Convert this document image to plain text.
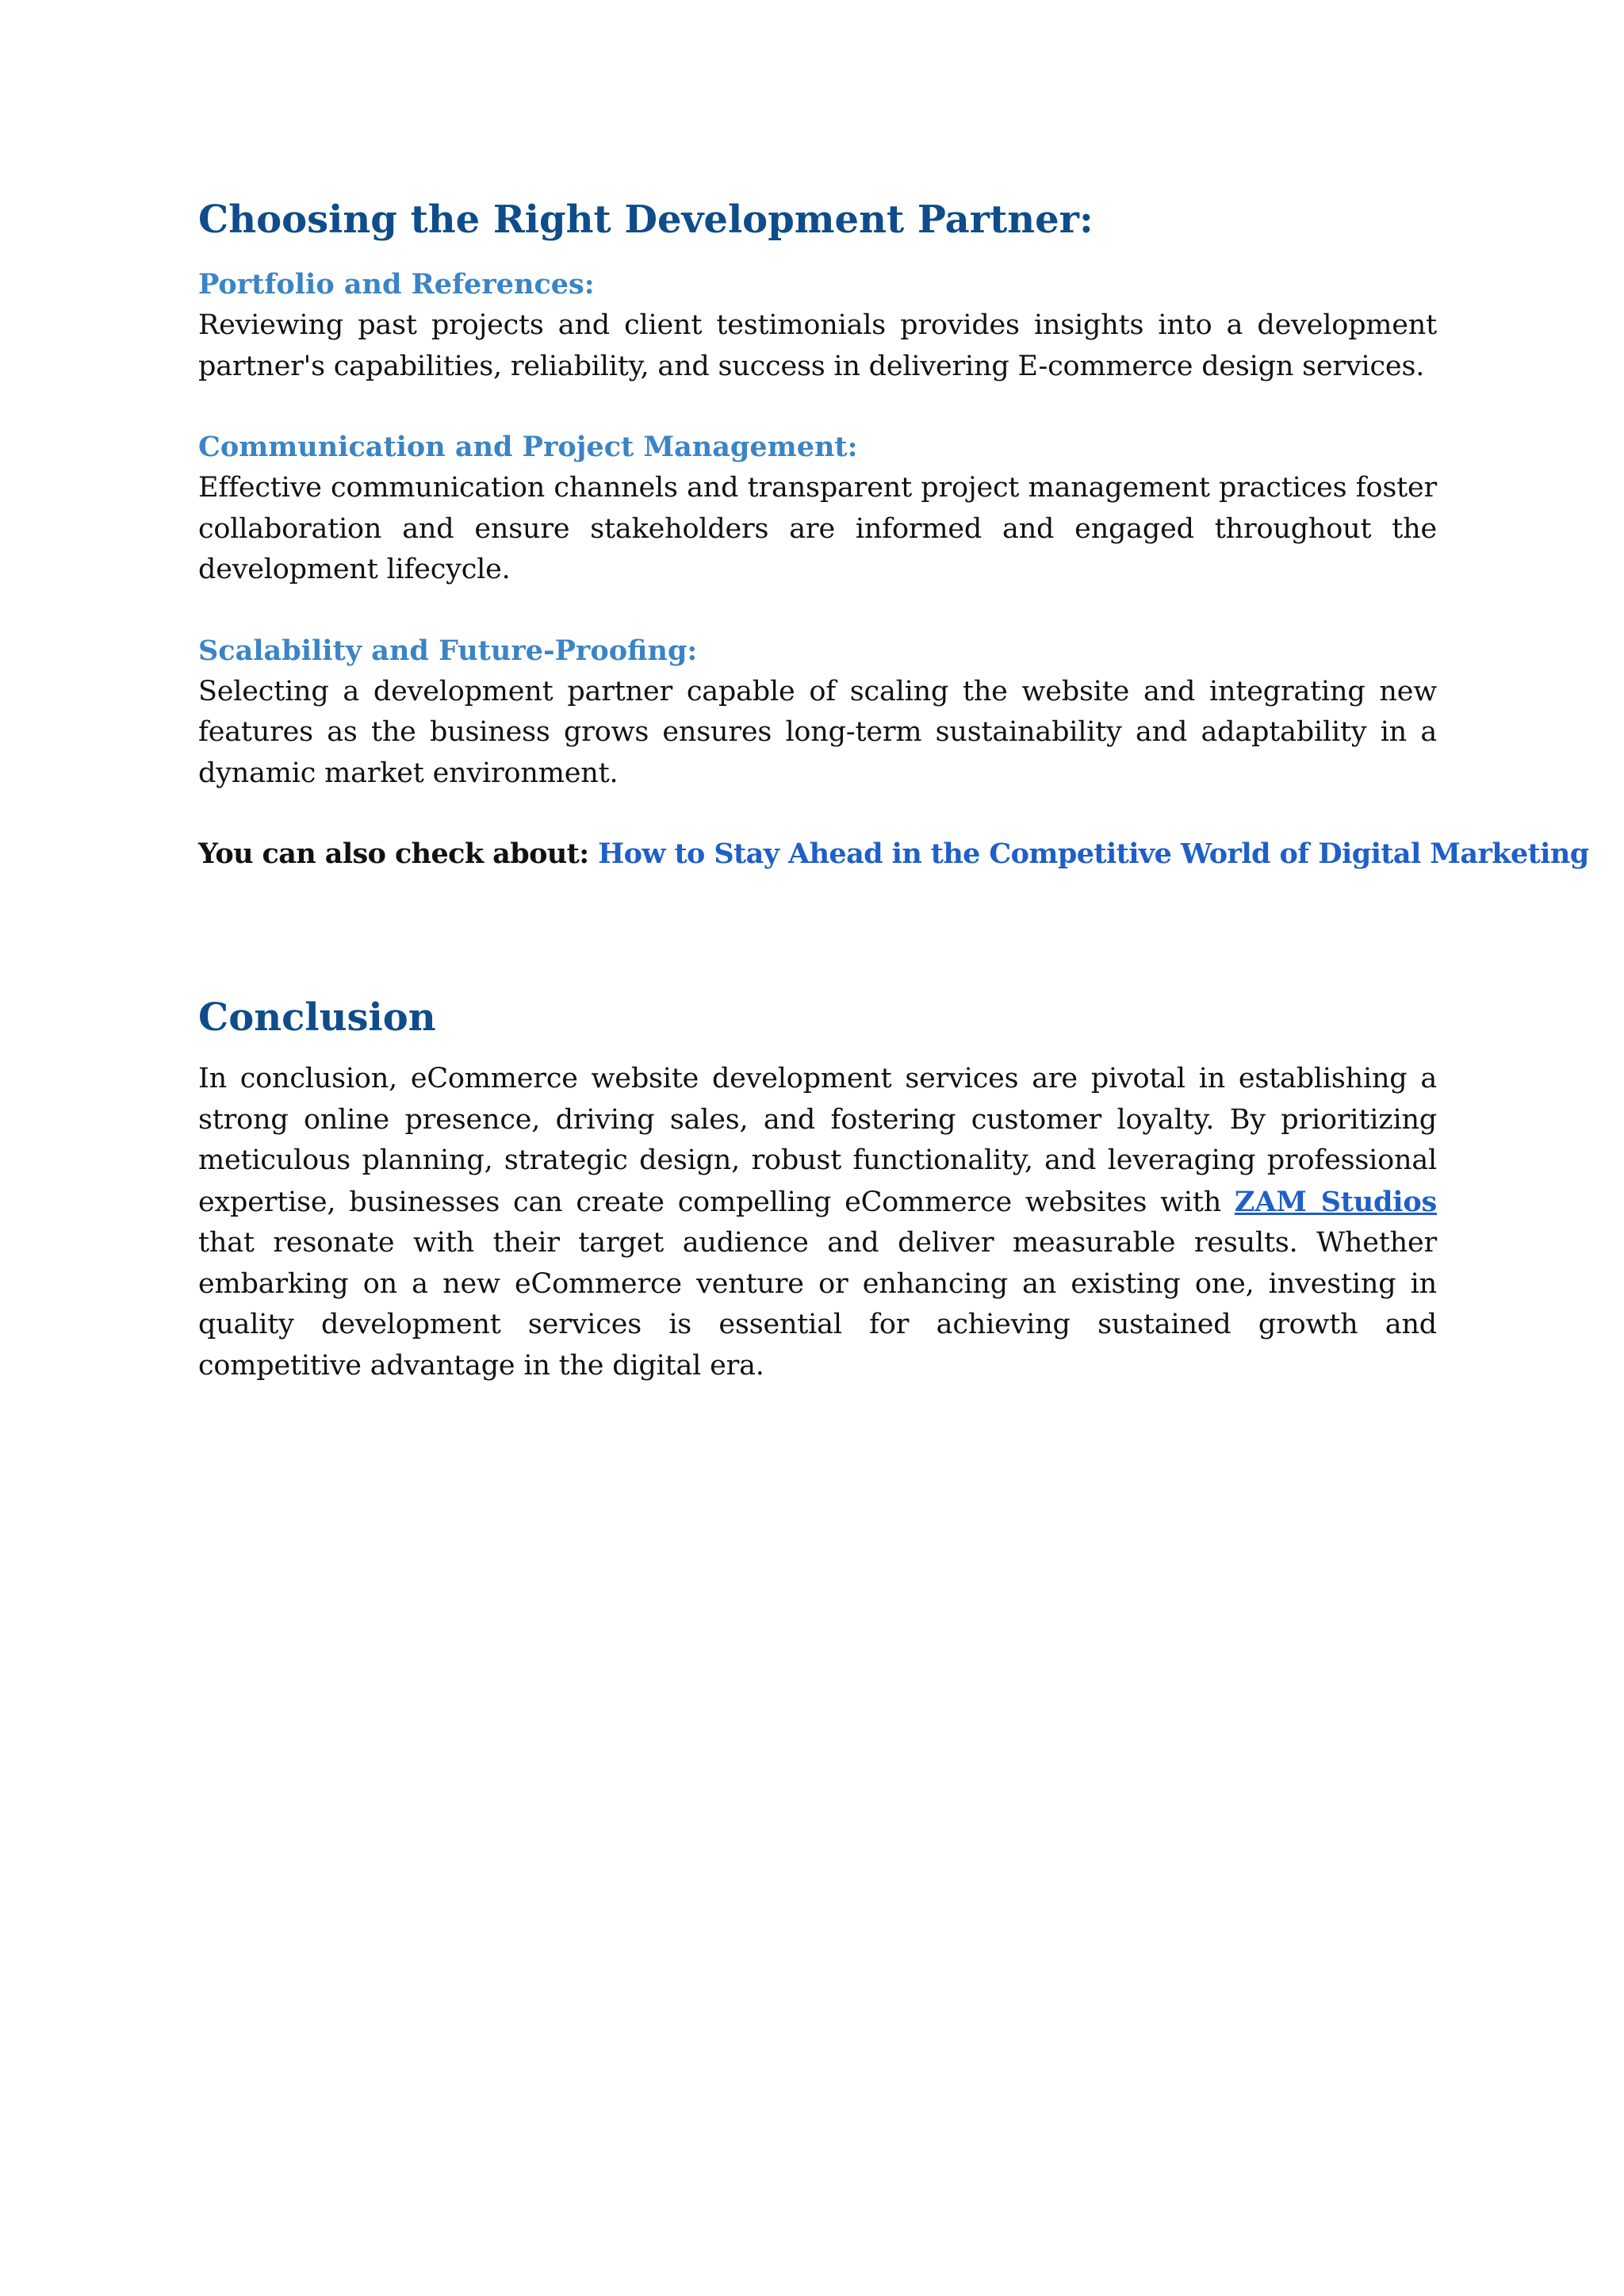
Choosing the Right Development Partner:
Portfolio and References:

Reviewing past projects and client testimonials provides insights into a development partner's capabilities, reliability, and success in delivering E-commerce design services.

Communication and Project Management:

Effective communication channels and transparent project management practices foster collaboration and ensure stakeholders are informed and engaged throughout the development lifecycle.

Scalability and Future-Proofing:

Selecting a development partner capable of scaling the website and integrating new features as the business grows ensures long-term sustainability and adaptability in a dynamic market environment.

You can also check about: How to Stay Ahead in the Competitive World of Digital Marketing
Conclusion

In conclusion, eCommerce website development services are pivotal in establishing a strong online presence, driving sales, and fostering customer loyalty. By prioritizing meticulous planning, strategic design, robust functionality, and leveraging professional expertise, businesses can create compelling eCommerce websites with ZAM Studios that resonate with their target audience and deliver measurable results. Whether embarking on a new eCommerce venture or enhancing an existing one, investing in quality development services is essential for achieving sustained growth and competitive advantage in the digital era.
